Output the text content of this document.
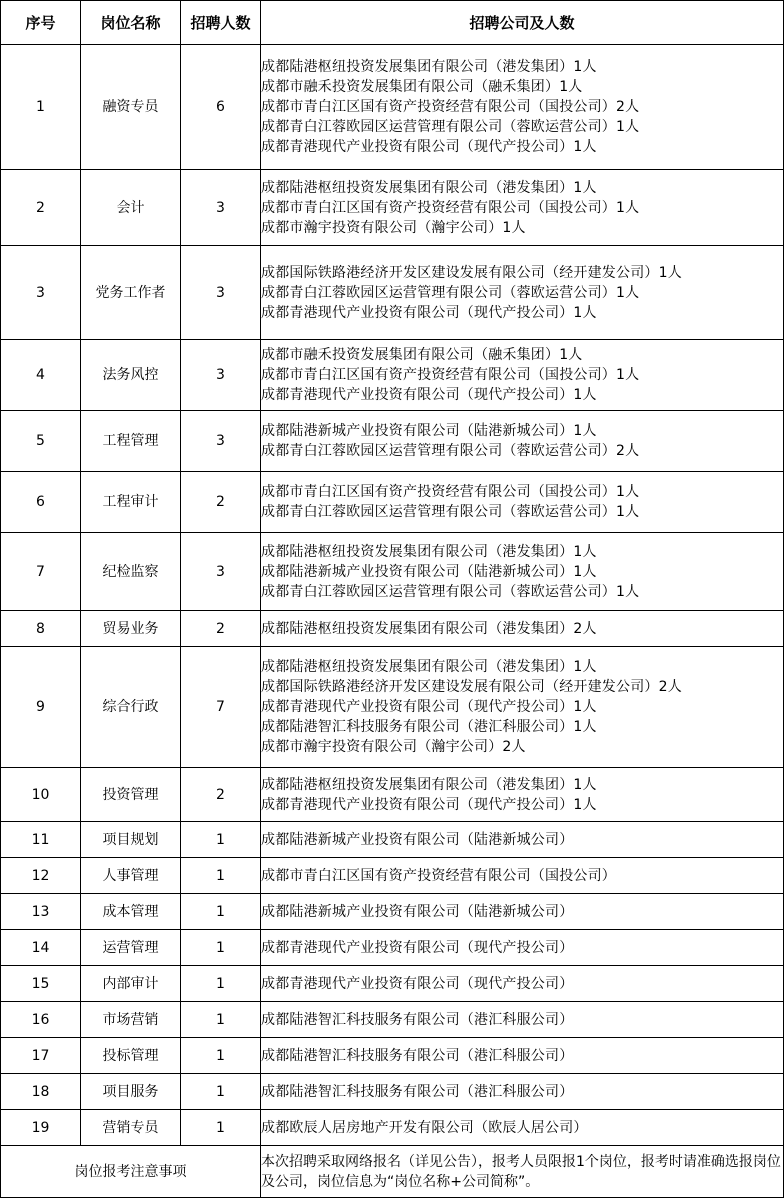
序号	岗位名称	招聘人数	招聘公司及人数
1	融资专员	6	成都陆港枢纽投资发展集团有限公司（港发集团）1人
成都市融禾投资发展集团有限公司（融禾集团）1人
成都市青白江区国有资产投资经营有限公司（国投公司）2人
成都青白江蓉欧园区运营管理有限公司（蓉欧运营公司）1人
成都青港现代产业投资有限公司（现代产投公司）1人

2	会计	3	成都陆港枢纽投资发展集团有限公司（港发集团）1人
成都市青白江区国有资产投资经营有限公司（国投公司）1人
成都市瀚宇投资有限公司（瀚宇公司）1人

3	党务工作者	3	成都国际铁路港经济开发区建设发展有限公司（经开建发公司）1人
成都青白江蓉欧园区运营管理有限公司（蓉欧运营公司）1人
成都青港现代产业投资有限公司（现代产投公司）1人

4	法务风控	3	成都市融禾投资发展集团有限公司（融禾集团）1人
成都市青白江区国有资产投资经营有限公司（国投公司）1人
成都青港现代产业投资有限公司（现代产投公司）1人

5	工程管理	3	成都陆港新城产业投资有限公司（陆港新城公司）1人
成都青白江蓉欧园区运营管理有限公司（蓉欧运营公司）2人

6	工程审计	2	成都市青白江区国有资产投资经营有限公司（国投公司）1人
成都青白江蓉欧园区运营管理有限公司（蓉欧运营公司）1人

7	纪检监察	3	成都陆港枢纽投资发展集团有限公司（港发集团）1人
成都陆港新城产业投资有限公司（陆港新城公司）1人
成都青白江蓉欧园区运营管理有限公司（蓉欧运营公司）1人

8	贸易业务	2	成都陆港枢纽投资发展集团有限公司（港发集团）2人

9	综合行政	7	成都陆港枢纽投资发展集团有限公司（港发集团）1人
成都国际铁路港经济开发区建设发展有限公司（经开建发公司）2人
成都青港现代产业投资有限公司（现代产投公司）1人
成都陆港智汇科技服务有限公司（港汇科服公司）1人
成都市瀚宇投资有限公司（瀚宇公司）2人

10	投资管理	2	成都陆港枢纽投资发展集团有限公司（港发集团）1人
成都青港现代产业投资有限公司（现代产投公司）1人

11	项目规划	1	成都陆港新城产业投资有限公司（陆港新城公司）

12	人事管理	1	成都市青白江区国有资产投资经营有限公司（国投公司）

13	成本管理	1	成都陆港新城产业投资有限公司（陆港新城公司）

14	运营管理	1	成都青港现代产业投资有限公司（现代产投公司）

15	内部审计	1	成都青港现代产业投资有限公司（现代产投公司）

16	市场营销	1	成都陆港智汇科技服务有限公司（港汇科服公司）

17	投标管理	1	成都陆港智汇科技服务有限公司（港汇科服公司）

18	项目服务	1	成都陆港智汇科技服务有限公司（港汇科服公司）

19	营销专员	1	成都欧辰人居房地产开发有限公司（欧辰人居公司）

岗位报考注意事项			本次招聘采取网络报名（详见公告），报考人员限报1个岗位，报考时请准确选报岗位及公司，岗位信息为“岗位名称+公司简称”。
